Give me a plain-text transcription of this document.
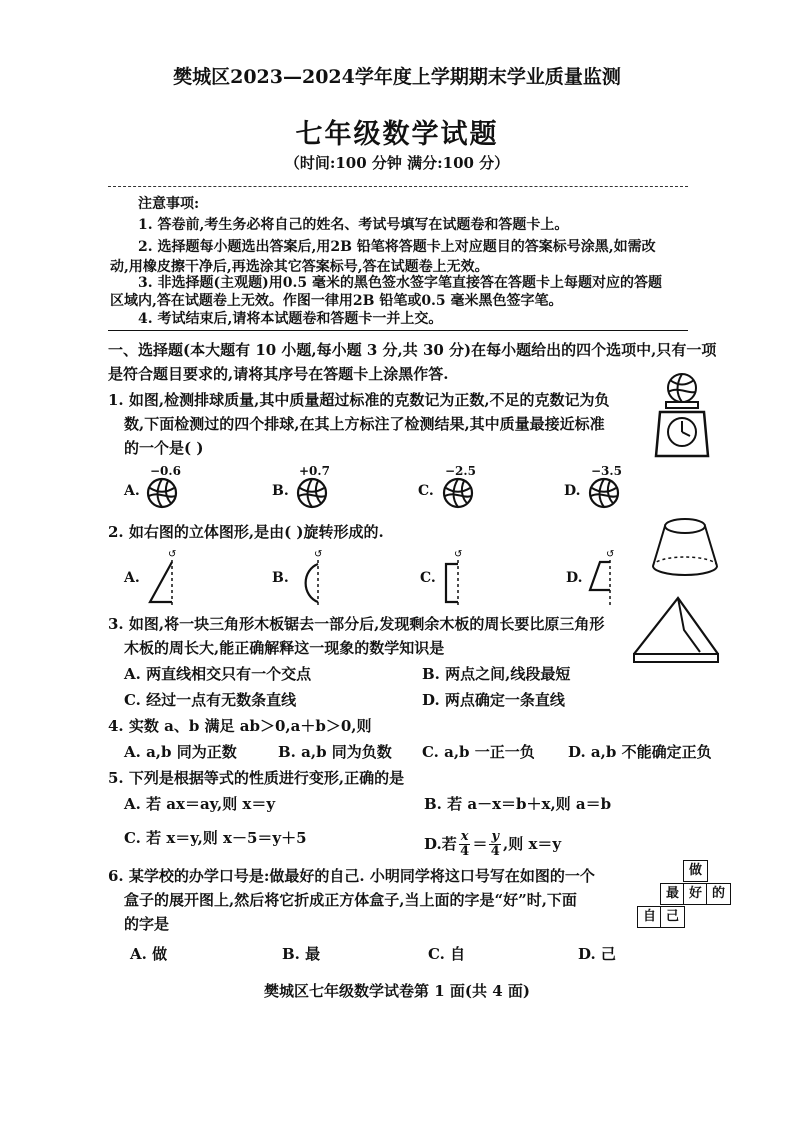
樊城区2023—2024学年度上学期期末学业质量监测
七年级数学试题
（时间:100 分钟 满分:100 分）
注意事项:
1. 答卷前,考生务必将自己的姓名、考试号填写在试题卷和答题卡上。
2. 选择题每小题选出答案后,用2B 铅笔将答题卡上对应题目的答案标号涂黑,如需改
动,用橡皮擦干净后,再选涂其它答案标号,答在试题卷上无效。
3. 非选择题(主观题)用0.5 毫米的黑色签水签字笔直接答在答题卡上每题对应的答题
区域内,答在试题卷上无效。作图一律用2B 铅笔或0.5 毫米黑色签字笔。
4. 考试结束后,请将本试题卷和答题卡一并上交。
一、选择题(本大题有 10 小题,每小题 3 分,共 30 分)在每小题给出的四个选项中,只有一项
是符合题目要求的,请将其序号在答题卡上涂黑作答.
1. 如图,检测排球质量,其中质量超过标准的克数记为正数,不足的克数记为负
数,下面检测过的四个排球,在其上方标注了检测结果,其中质量最接近标准
的一个是( )
A.
−0.6
B.
+0.7
C.
−2.5
D.
−3.5
2. 如右图的立体图形,是由( )旋转形成的.
A.
↺
B.
↺
C.
↺
D.
↺
3. 如图,将一块三角形木板锯去一部分后,发现剩余木板的周长要比原三角形
木板的周长大,能正确解释这一现象的数学知识是
A. 两直线相交只有一个交点	B. 两点之间,线段最短
C. 经过一点有无数条直线	D. 两点确定一条直线
4. 实数 a、b 满足 ab＞0,a＋b＞0,则
A. a,b 同为正数	B. a,b 同为负数 C. a,b 一正一负 D. a,b 不能确定正负
5. 下列是根据等式的性质进行变形,正确的是
A. 若 ax＝ay,则 x＝y	B. 若 a－x＝b＋x,则 a＝b
C. 若 x＝y,则 x－5＝y＋5	D.若 $\frac{x}{4} = \frac{y}{4}$ ,则 x＝y
6. 某学校的办学口号是:做最好的自己. 小明同学将这口号写在如图的一个
盒子的展开图上,然后将它折成正方体盒子,当上面的字是“好”时,下面
的字是
做
最 好 的
自 己
A. 做	B. 最	C. 自	D. 己
樊城区七年级数学试卷第 1 面(共 4 面)
